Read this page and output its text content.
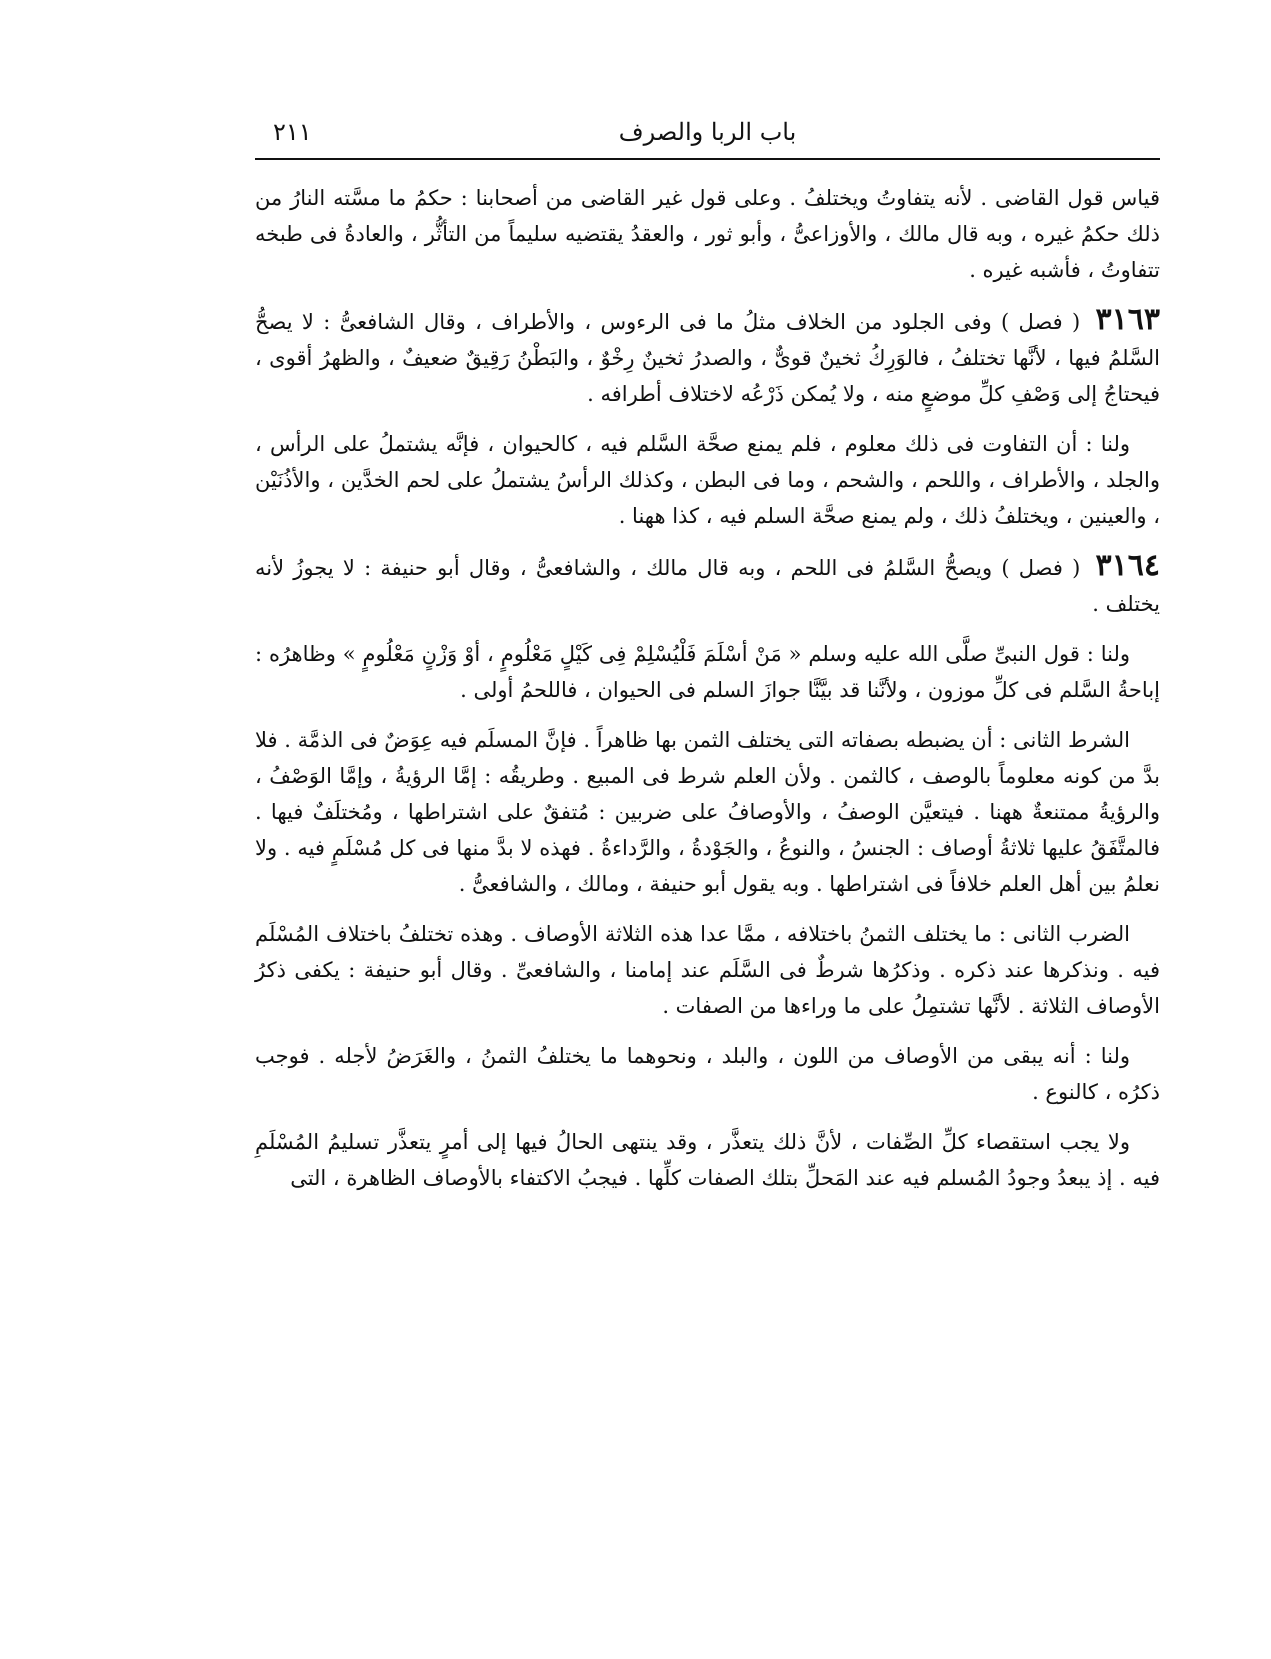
باب الربا والصرف
٢١١

قياس قول القاضى . لأنه يتفاوتُ ويختلفُ . وعلى قول غير القاضى من أصحابنا : حكمُ ما مسَّته النارُ من ذلك حكمُ غيره ، وبه قال مالك ، والأوزاعىُّ ، وأبو ثور ، والعقدُ يقتضيه سليماً من التأثُّر ، والعادةُ فى طبخه تتفاوتُ ، فأشبه غيره .

٣١٦٣ ( فصل ) وفى الجلود من الخلاف مثلُ ما فى الرءوس ، والأطراف ، وقال الشافعىُّ : لا يصحُّ السَّلمُ فيها ، لأنَّها تختلفُ ، فالوَرِكُ ثخينٌ قوىٌّ ، والصدرُ ثخينٌ رِخْوٌ ، والبَطْنُ رَقِيقٌ ضعيفٌ ، والظهرُ أقوى ، فيحتاجُ إلى وَصْفِ كلِّ موضعٍ منه ، ولا يُمكن ذَرْعُه لاختلاف أطرافه .

ولنا : أن التفاوت فى ذلك معلوم ، فلم يمنع صحَّة السَّلم فيه ، كالحيوان ، فإنَّه يشتملُ على الرأس ، والجلد ، والأطراف ، واللحم ، والشحم ، وما فى البطن ، وكذلك الرأسُ يشتملُ على لحم الخدَّين ، والأذُنَيْن ، والعينين ، ويختلفُ ذلك ، ولم يمنع صحَّة السلم فيه ، كذا ههنا .

٣١٦٤ ( فصل ) ويصحُّ السَّلمُ فى اللحم ، وبه قال مالك ، والشافعىُّ ، وقال أبو حنيفة : لا يجوزُ لأنه يختلف .

ولنا : قول النبىِّ صلَّى الله عليه وسلم « مَنْ أسْلَمَ فَلْيُسْلِمْ فِى كَيْلٍ مَعْلُومٍ ، أوْ وَزْنٍ مَعْلُومٍ » وظاهرُه : إباحةُ السَّلم فى كلِّ موزون ، ولأنَّنا قد بيَّنَّا جوازَ السلم فى الحيوان ، فاللحمُ أولى .

الشرط الثانى : أن يضبطه بصفاته التى يختلف الثمن بها ظاهراً . فإنَّ المسلَم فيه عِوَضٌ فى الذمَّة . فلا بدَّ من كونه معلوماً بالوصف ، كالثمن . ولأن العلم شرط فى المبيع . وطريقُه : إمَّا الرؤيةُ ، وإمَّا الوَصْفُ ، والرؤيةُ ممتنعةٌ ههنا . فيتعيَّن الوصفُ ، والأوصافُ على ضربين : مُتفقٌ على اشتراطها ، ومُختلَفٌ فيها . فالمتَّفَقُ عليها ثلاثةُ أوصاف : الجنسُ ، والنوعُ ، والجَوْدةُ ، والرَّداءةُ . فهذه لا بدَّ منها فى كل مُسْلَمٍ فيه . ولا نعلمُ بين أهل العلم خلافاً فى اشتراطها . وبه يقول أبو حنيفة ، ومالك ، والشافعىُّ .

الضرب الثانى : ما يختلف الثمنُ باختلافه ، ممَّا عدا هذه الثلاثة الأوصاف . وهذه تختلفُ باختلاف المُسْلَم فيه . ونذكرها عند ذكره . وذكرُها شرطٌ فى السَّلَم عند إمامنا ، والشافعىِّ . وقال أبو حنيفة : يكفى ذكرُ الأوصاف الثلاثة . لأنَّها تشتمِلُ على ما وراءها من الصفات .

ولنا : أنه يبقى من الأوصاف من اللون ، والبلد ، ونحوهما ما يختلفُ الثمنُ ، والغَرَضُ لأجله . فوجب ذكرُه ، كالنوع .

ولا يجب استقصاء كلِّ الصِّفات ، لأنَّ ذلك يتعذَّر ، وقد ينتهى الحالُ فيها إلى أمرٍ يتعذَّر تسليمُ المُسْلَمِ فيه . إذ يبعدُ وجودُ المُسلم فيه عند المَحلِّ بتلك الصفات كلِّها . فيجبُ الاكتفاء بالأوصاف الظاهرة ، التى
